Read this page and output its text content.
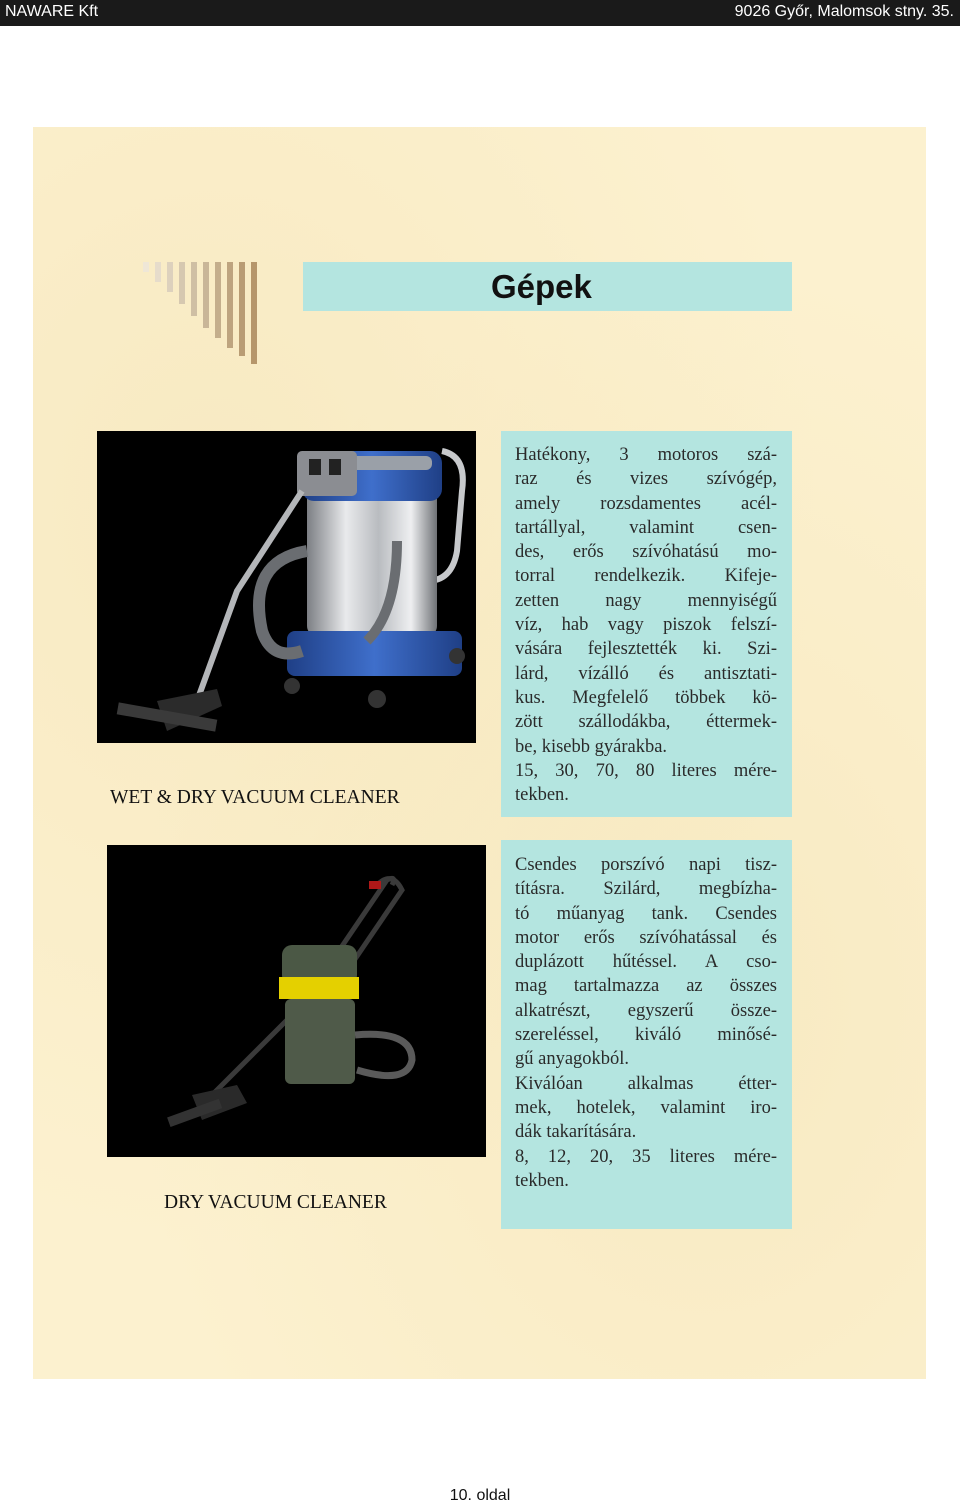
NAWARE Kft	9026 Győr, Malomsok stny. 35.
Gépek
WET & DRY VACUUM CLEANER
Hatékony, 3 motoros szá-
raz és vizes szívógép,
amely rozsdamentes acél-
tartállyal, valamint csen-
des, erős szívóhatású mo-
torral rendelkezik. Kifeje-
zetten nagy mennyiségű
víz, hab vagy piszok felszí-
vására fejlesztették ki. Szi-
lárd, vízálló és antisztati-
kus. Megfelelő többek kö-
zött szállodákba, éttermek-
be, kisebb gyárakba.
15, 30, 70, 80 literes mére-
tekben.
DRY VACUUM CLEANER
Csendes porszívó napi tisz-
tításra. Szilárd, megbízha-
tó műanyag tank. Csendes
motor erős szívóhatással és
duplázott hűtéssel. A cso-
mag tartalmazza az összes
alkatrészt, egyszerű össze-
szereléssel, kiváló minősé-
gű anyagokból.
Kiválóan alkalmas étter-
mek, hotelek, valamint iro-
dák takarítására.
8, 12, 20, 35 literes mére-
tekben.
10. oldal
